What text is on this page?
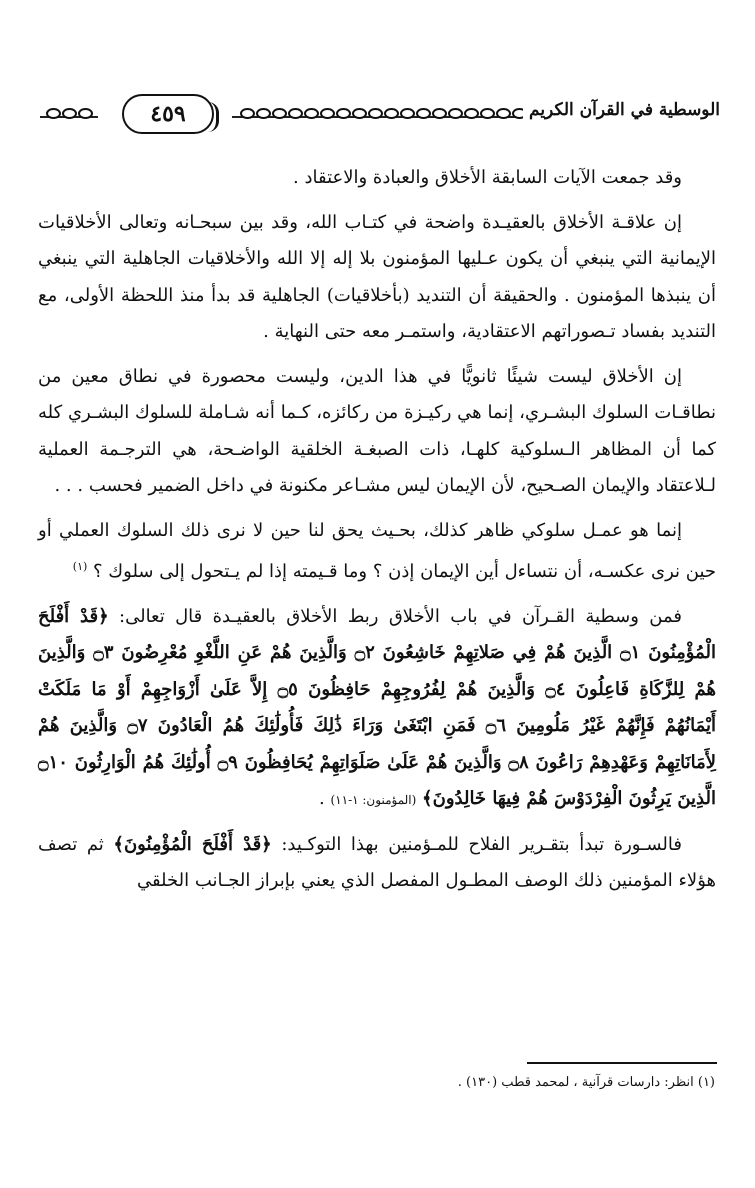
٤٥٩	الوسطية في القرآن الكريم

وقد جمعت الآيات السابقة الأخلاق والعبادة والاعتقاد .

إن علاقـة الأخلاق بالعقيـدة واضحة في كتـاب الله، وقد بين سبحـانه وتعالى الأخلاقيات الإيمانية التي ينبغي أن يكون عـليها المؤمنون بلا إله إلا الله والأخلاقيات الجاهلية التي ينبغي أن ينبذها المؤمنون . والحقيقة أن التنديد (بأخلاقيات) الجاهلية قد بدأ منذ اللحظة الأولى، مع التنديد بفساد تـصوراتهم الاعتقادية، واستمـر معه حتى النهاية .

إن الأخلاق ليست شيئًا ثانويًّا في هذا الدين، وليست محصورة في نطاق معين من نطاقـات السلوك البشـري، إنما هي ركيـزة من ركائزه، كـما أنه شـاملة للسلوك البشـري كله كما أن المظاهر الـسلوكية كلهـا، ذات الصبغـة الخلقية الواضـحة، هي الترجـمة العملية لـلاعتقاد والإيمان الصـحيح، لأن الإيمان ليس مشـاعر مكنونة في داخل الضمير فحسب . . .

إنما هو عمـل سلوكي ظاهر كذلك، بحـيث يحق لنا حين لا نرى ذلك السلوك العملي أو حين نرى عكسـه، أن نتساءل أين الإيمان إذن ؟ وما قـيمته إذا لم يـتحول إلى سلوك ؟ $^{(١)}$

فمن وسطية القـرآن في باب الأخلاق ربط الأخلاق بالعقيـدة قال تعالى: ﴿قَدْ أَفْلَحَ الْمُؤْمِنُونَ ۝١ الَّذِينَ هُمْ فِي صَلاتِهِمْ خَاشِعُونَ ۝٢ وَالَّذِينَ هُمْ عَنِ اللَّغْوِ مُعْرِضُونَ ۝٣ وَالَّذِينَ هُمْ لِلزَّكَاةِ فَاعِلُونَ ۝٤ وَالَّذِينَ هُمْ لِفُرُوجِهِمْ حَافِظُونَ ۝٥ إِلاَّ عَلَىٰ أَزْوَاجِهِمْ أَوْ مَا مَلَكَتْ أَيْمَانُهُمْ فَإِنَّهُمْ غَيْرُ مَلُومِينَ ۝٦ فَمَنِ ابْتَغَىٰ وَرَاءَ ذَٰلِكَ فَأُولَٰئِكَ هُمُ الْعَادُونَ ۝٧ وَالَّذِينَ هُمْ لِأَمَانَاتِهِمْ وَعَهْدِهِمْ رَاعُونَ ۝٨ وَالَّذِينَ هُمْ عَلَىٰ صَلَوَاتِهِمْ يُحَافِظُونَ ۝٩ أُولَٰئِكَ هُمُ الْوَارِثُونَ ۝١٠ الَّذِينَ يَرِثُونَ الْفِرْدَوْسَ هُمْ فِيهَا خَالِدُونَ﴾ (المؤمنون: ١-١١) .

فالسـورة تبدأ بتقـرير الفلاح للمـؤمنين بهذا التوكـيد: ﴿قَدْ أَفْلَحَ الْمُؤْمِنُونَ﴾ ثم تصف هؤلاء المؤمنين ذلك الوصف المطـول المفصل الذي يعني بإبراز الجـانب الخلقي

(١) انظر: دارسات قرآنية ، لمحمد قطب (١٣٠) .
